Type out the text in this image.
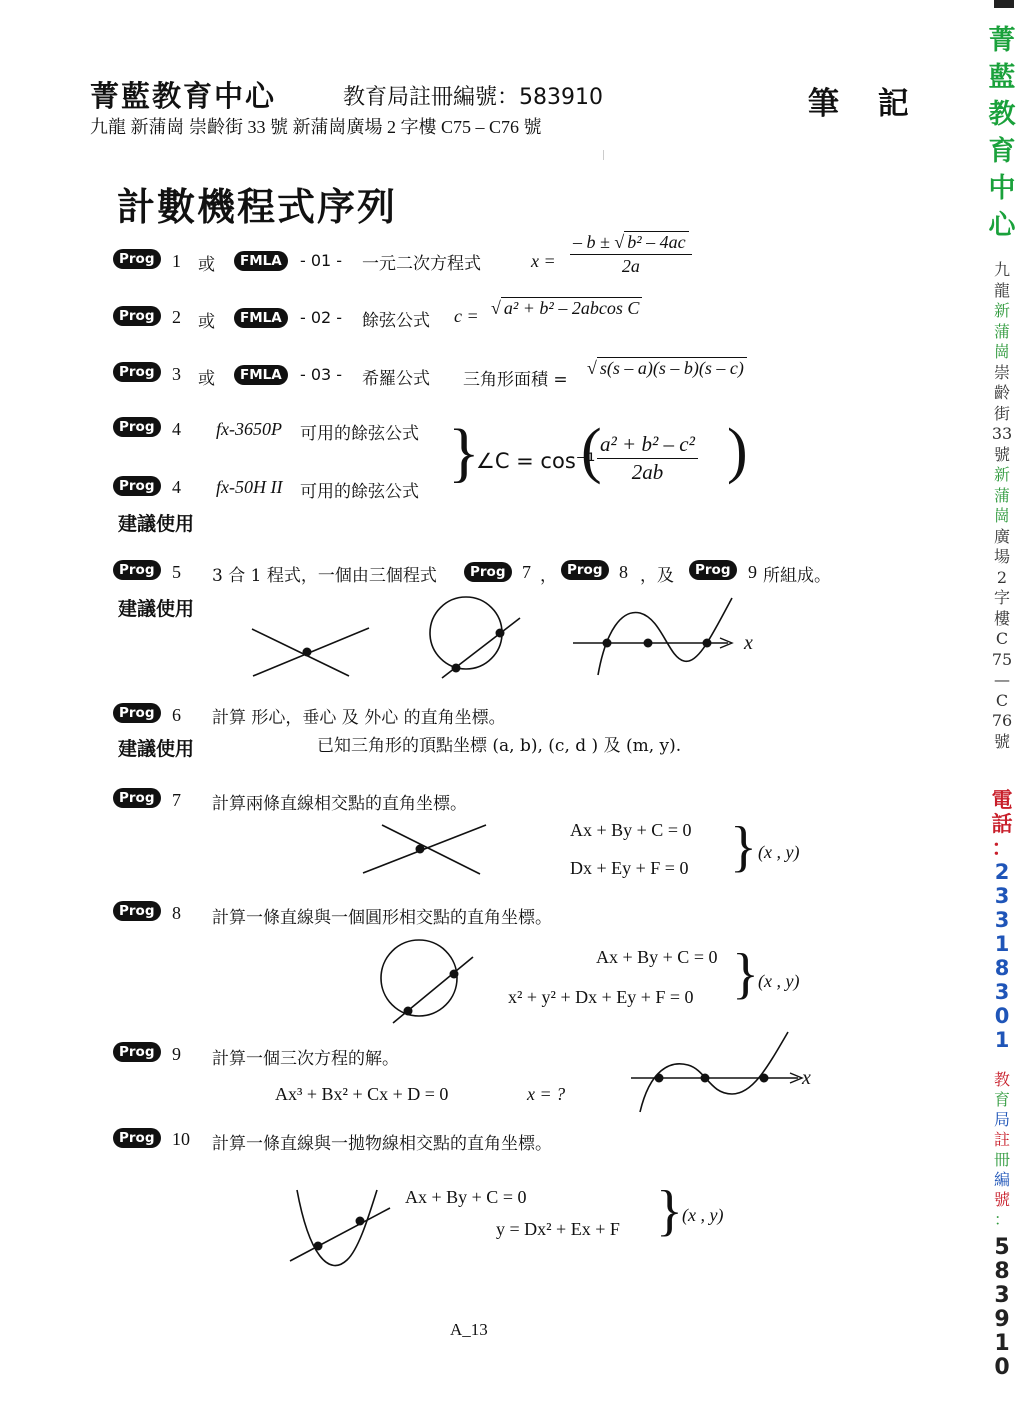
菁藍教育中心	教育局註冊編號：583910	筆 記
九龍 新蒲崗 崇齡街 33 號 新蒲崗廣場 2 字樓 C75 – C76 號
計數機程式序列
Prog 1 或	FMLA	- 01 - 一元二次方程式	$x = \frac{\text{– b ± √ b² – 4ac}}{2a}$
Prog 2 或	FMLA	- 02 - 餘弦公式 c = √ a² + b² – 2abcos C
Prog 3 或	FMLA	- 03 - 希羅公式 三角形面積 =
√ s(s – a)(s – b)(s – c)
Prog 4 fx-3650P 可用的餘弦公式
Prog 4 fx-50H II 可用的餘弦公式
}
∠C = cos⁻¹
(
$\frac{\text{a² + b² – c²}}{2ab}$ )
建議使用
Prog 5 3 合 1 程式，一個由三個程式	Prog 7 ， Prog 8 ，及	Prog 9 所組成。
建議使用
x
Prog 6 計算 形心，垂心 及 外心 的直角坐標。
建議使用	已知三角形的頂點坐標 (a, b), (c, d ) 及 (m, y).
Prog 7 計算兩條直線相交點的直角坐標。
Ax + By + C = 0
Dx + Ey + F = 0 } (x , y)
Prog 8 計算一條直線與一個圓形相交點的直角坐標。
Ax + By + C = 0
x² + y² + Dx + Ey + F = 0 } (x , y)
Prog 9 計算一個三次方程的解。
Ax³ + Bx² + Cx + D = 0	x = ?
x
Prog 10 計算一條直線與一拋物線相交點的直角坐標。
Ax + By + C = 0
y = Dx² + Ex + F } (x , y)
A_13
菁
藍
教
育
中
心
九
龍
新
蒲
崗
崇
齡
街
33
號
新
蒲
崗
廣
場
2
字
樓
C
75
—
C
76
號
電
話
：
2
3
3
1
8
3
0
1
教
育
局
註
冊
編
號
：
5
8
3
9
1
0
